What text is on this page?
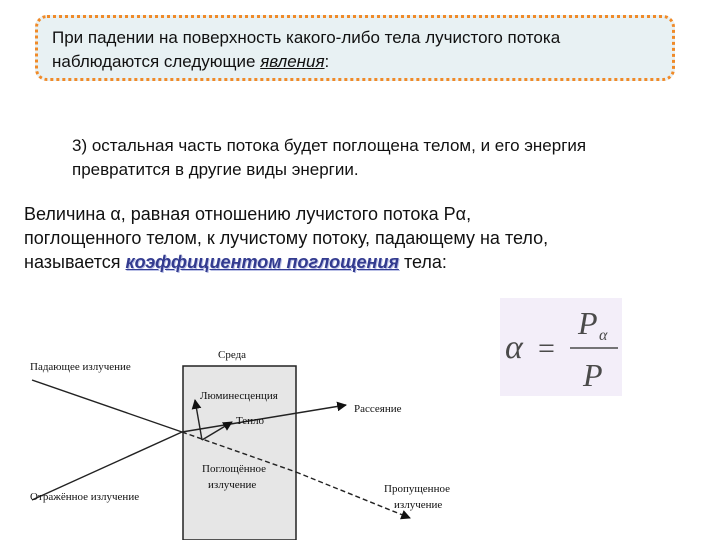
При падении на поверхность какого-либо тела лучистого потока
наблюдаются следующие явления:
3) остальная часть потока будет поглощена телом, и его энергия
превратится в другие виды энергии.
Величина α, равная отношению лучистого потока Рα,
поглощенного телом, к лучистому потоку, падающему на тело,
называется коэффициентом поглощения тела:
α =
P α
P
Среда
Падающее излучение
Люминесценция
Тепло
Рассеяние
Поглощённое
излучение
Отражённое излучение
Пропущенное
излучение
